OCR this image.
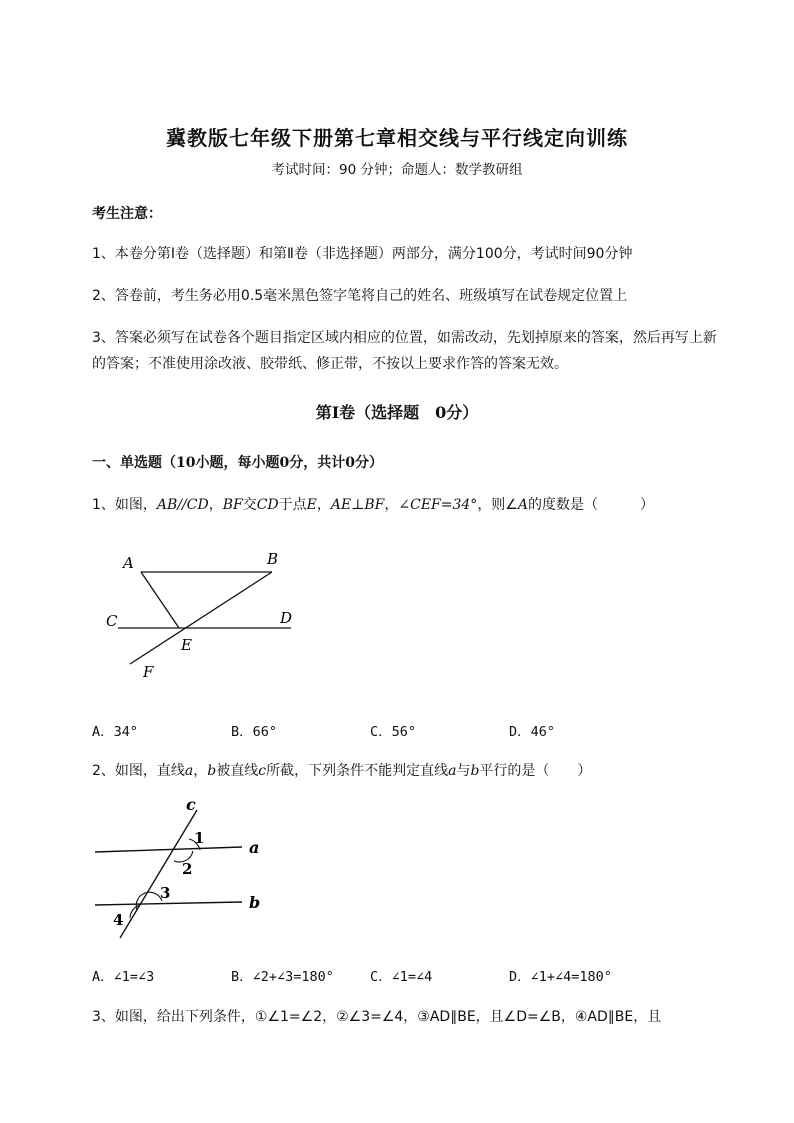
冀教版七年级下册第七章相交线与平行线定向训练
考试时间：90 分钟；命题人：数学教研组
考生注意：
1、本卷分第I卷（选择题）和第Ⅱ卷（非选择题）两部分，满分100分，考试时间90分钟
2、答卷前，考生务必用0.5毫米黑色签字笔将自己的姓名、班级填写在试卷规定位置上
3、答案必须写在试卷各个题目指定区域内相应的位置，如需改动，先划掉原来的答案，然后再写上新
的答案；不准使用涂改液、胶带纸、修正带，不按以上要求作答的答案无效。
第I卷（选择题　0分）
一、单选题（10小题，每小题0分，共计0分）
1、如图，AB//CD，BF交CD于点E，AE⊥BF，∠CEF=34°，则∠A的度数是（　　　）
A	B
C	D
E
F
A．34°	B．66°	C．56°	D．46°
2、如图，直线a，b被直线c所截，下列条件不能判定直线a与b平行的是（　　）
c
a
b
1
2
3
4
A．∠1=∠3	B．∠2+∠3=180°	C．∠1=∠4	D．∠1+∠4=180°
3、如图，给出下列条件，①∠1=∠2，②∠3=∠4，③AD∥BE，且∠D=∠B，④AD∥BE，且
